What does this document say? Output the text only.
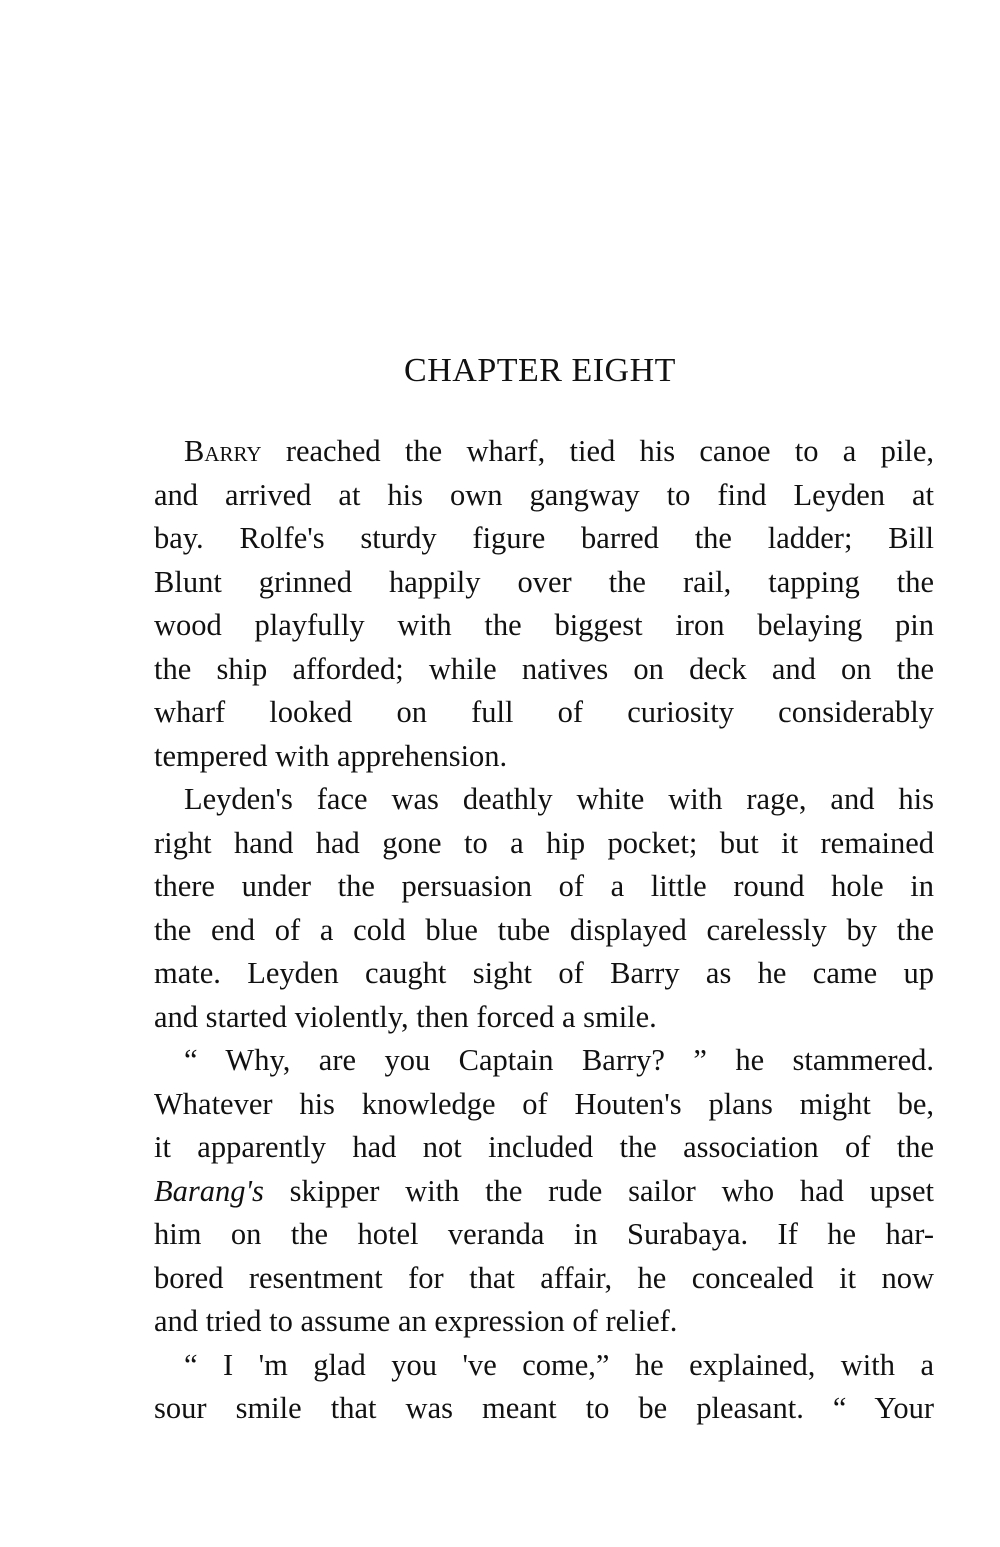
CHAPTER EIGHT
Barry reached the wharf, tied his canoe to a pile,
and arrived at his own gangway to find Leyden at
bay. Rolfe's sturdy figure barred the ladder; Bill
Blunt grinned happily over the rail, tapping the
wood playfully with the biggest iron belaying pin
the ship afforded; while natives on deck and on the
wharf looked on full of curiosity considerably
tempered with apprehension.
Leyden's face was deathly white with rage, and his
right hand had gone to a hip pocket; but it remained
there under the persuasion of a little round hole in
the end of a cold blue tube displayed carelessly by the
mate. Leyden caught sight of Barry as he came up
and started violently, then forced a smile.
“ Why, are you Captain Barry? ” he stammered.
Whatever his knowledge of Houten's plans might be,
it apparently had not included the association of the
Barang's skipper with the rude sailor who had upset
him on the hotel veranda in Surabaya. If he har-
bored resentment for that affair, he concealed it now
and tried to assume an expression of relief.
“ I 'm glad you 've come,” he explained, with a
sour smile that was meant to be pleasant. “ Your
